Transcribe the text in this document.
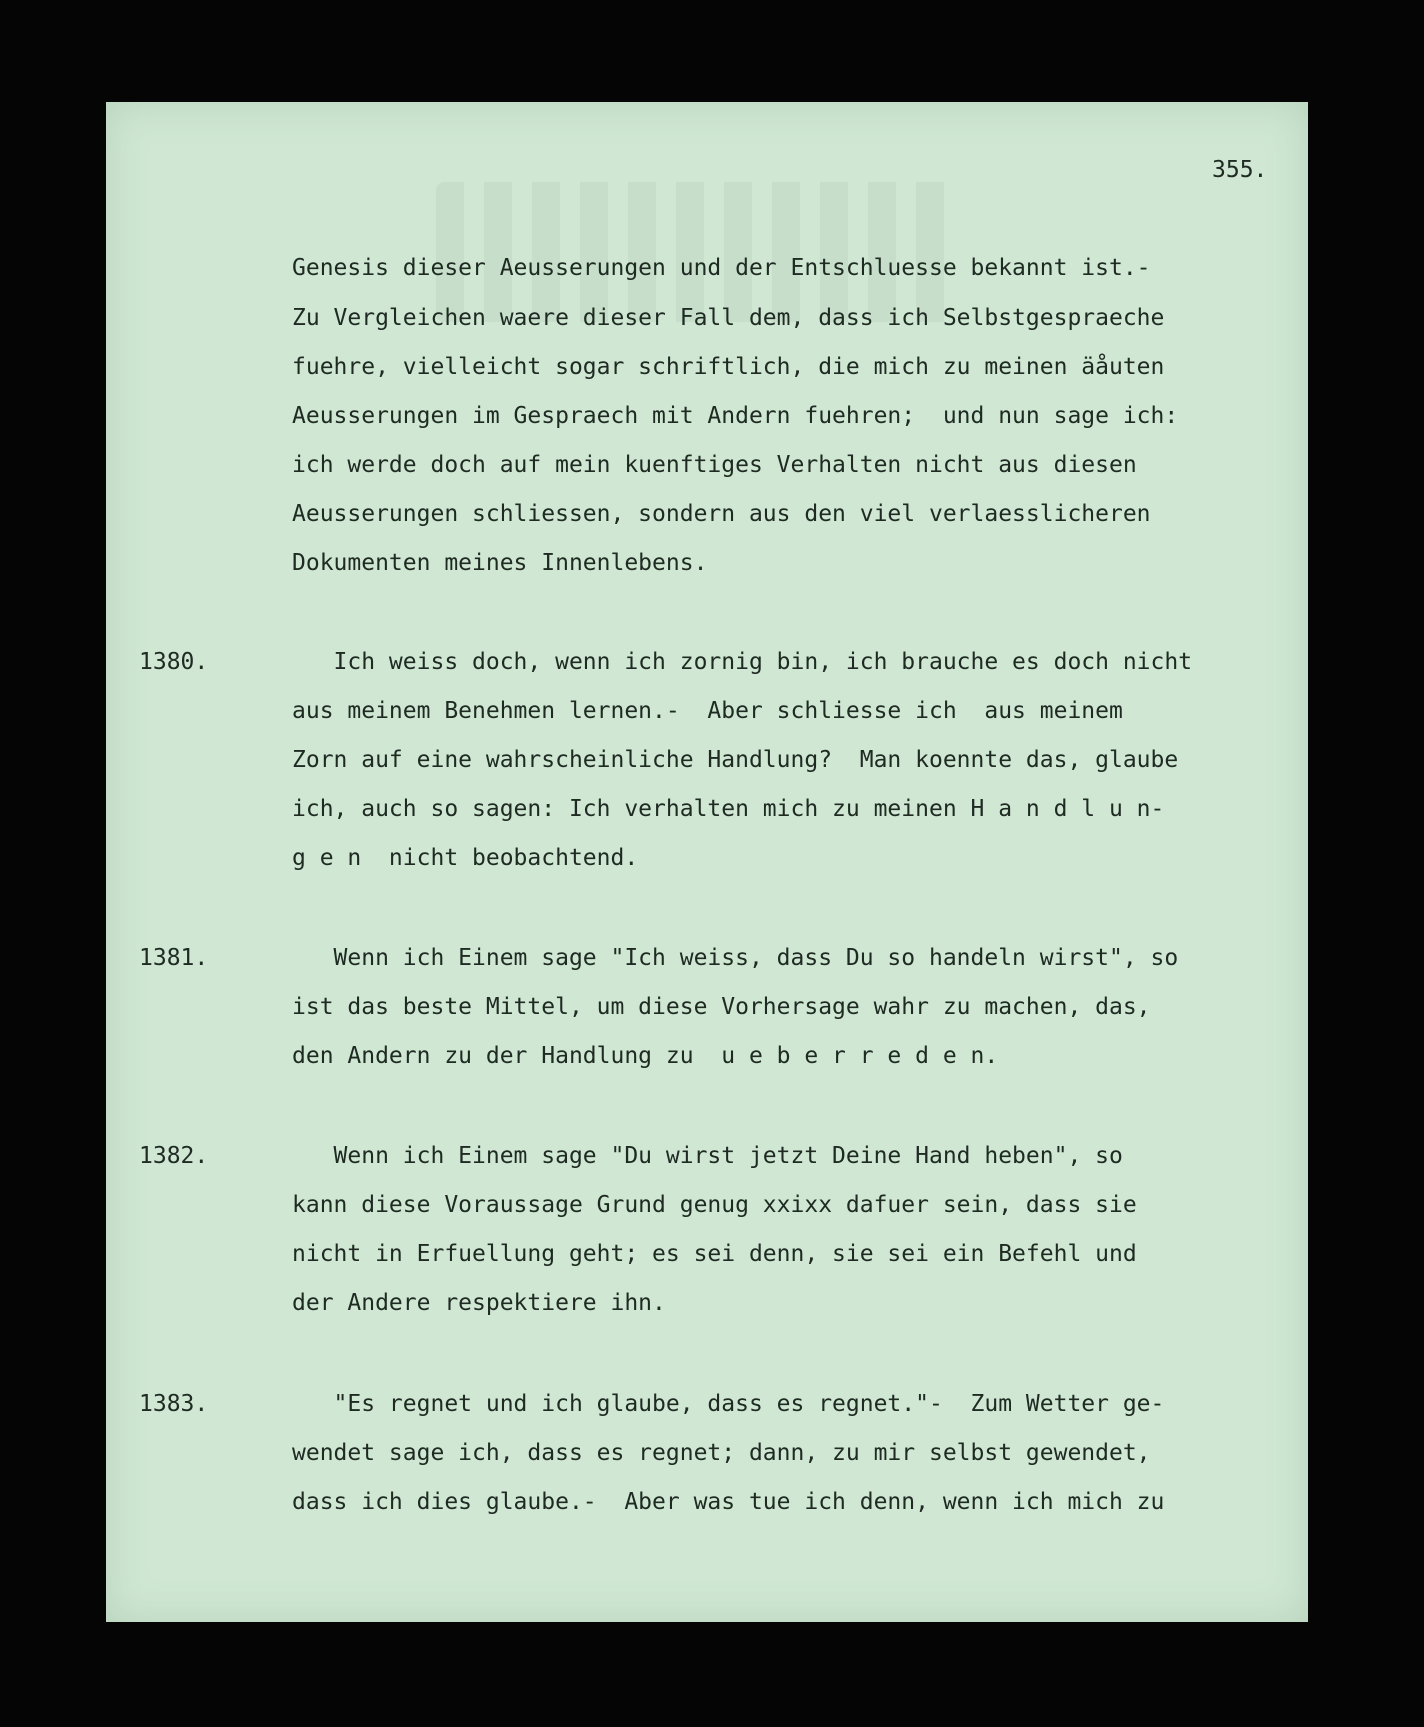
355.
Genesis dieser Aeusserungen und der Entschluesse bekannt ist.-
Zu Vergleichen waere dieser Fall dem, dass ich Selbstgespraeche
fuehre, vielleicht sogar schriftlich, die mich zu meinen äåuten
Aeusserungen im Gespraech mit Andern fuehren;  und nun sage ich:
ich werde doch auf mein kuenftiges Verhalten nicht aus diesen
Aeusserungen schliessen, sondern aus den viel verlaesslicheren
Dokumenten meines Innenlebens.
1380.	Ich weiss doch, wenn ich zornig bin, ich brauche es doch nicht
aus meinem Benehmen lernen.-  Aber schliesse ich  aus meinem
Zorn auf eine wahrscheinliche Handlung?  Man koennte das, glaube
ich, auch so sagen: Ich verhalten mich zu meinen H a n d l u n-
g e n  nicht beobachtend.
1381.	Wenn ich Einem sage "Ich weiss, dass Du so handeln wirst", so
ist das beste Mittel, um diese Vorhersage wahr zu machen, das,
den Andern zu der Handlung zu  u e b e r r e d e n.
1382.	Wenn ich Einem sage "Du wirst jetzt Deine Hand heben", so
kann diese Voraussage Grund genug xxixx dafuer sein, dass sie
nicht in Erfuellung geht; es sei denn, sie sei ein Befehl und
der Andere respektiere ihn.
1383.	"Es regnet und ich glaube, dass es regnet."-  Zum Wetter ge-
wendet sage ich, dass es regnet; dann, zu mir selbst gewendet,
dass ich dies glaube.-  Aber was tue ich denn, wenn ich mich zu
